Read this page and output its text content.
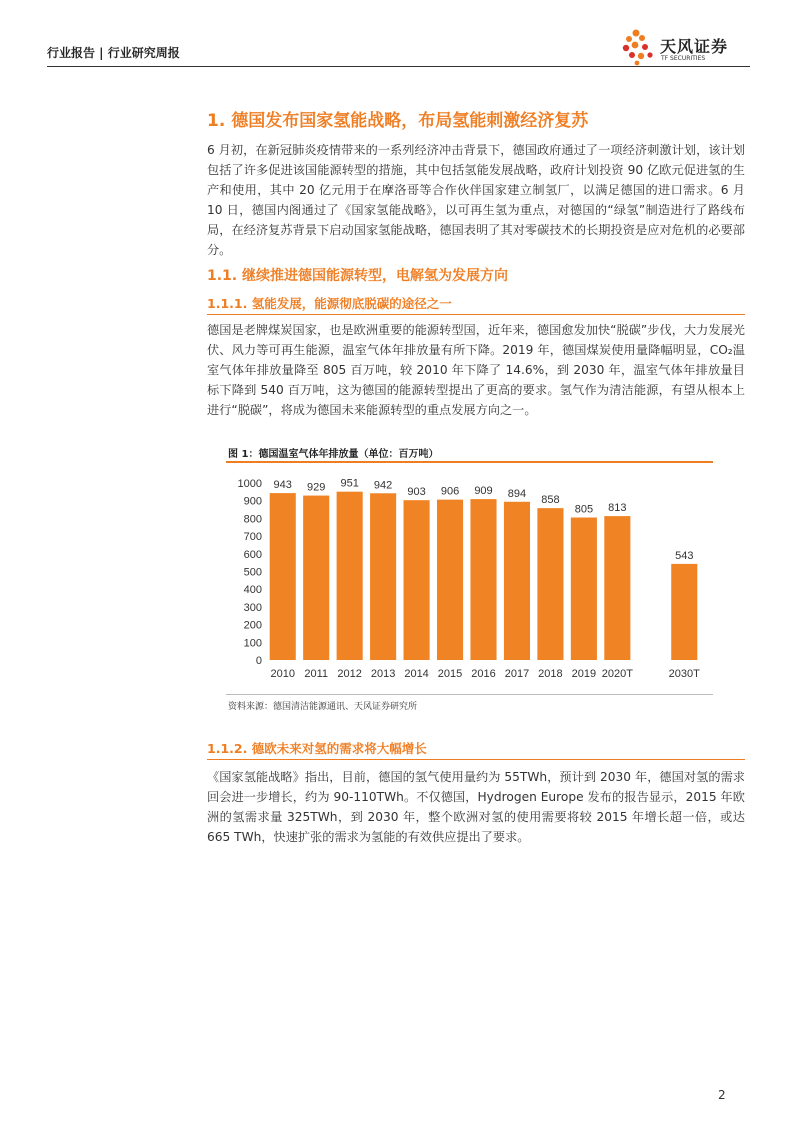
行业报告 | 行业研究周报	天风证券
TF SECURITIES
1. 德国发布国家氢能战略，布局氢能刺激经济复苏

6 月初，在新冠肺炎疫情带来的一系列经济冲击背景下，德国政府通过了一项经济刺激计划，该计划包括了许多促进该国能源转型的措施，其中包括氢能发展战略，政府计划投资 90 亿欧元促进氢的生产和使用，其中 20 亿元用于在摩洛哥等合作伙伴国家建立制氢厂，以满足德国的进口需求。6 月 10 日，德国内阁通过了《国家氢能战略》，以可再生氢为重点，对德国的“绿氢”制造进行了路线布局，在经济复苏背景下启动国家氢能战略，德国表明了其对零碳技术的长期投资是应对危机的必要部分。

1.1. 继续推进德国能源转型，电解氢为发展方向
1.1.1. 氢能发展，能源彻底脱碳的途径之一

德国是老牌煤炭国家，也是欧洲重要的能源转型国，近年来，德国愈发加快“脱碳”步伐，大力发展光伏、风力等可再生能源，温室气体年排放量有所下降。2019 年，德国煤炭使用量降幅明显，CO₂温室气体年排放量降至 805 百万吨，较 2010 年下降了 14.6%，到 2030 年，温室气体年排放量目标下降到 540 百万吨，这为德国的能源转型提出了更高的要求。氢气作为清洁能源，有望从根本上进行“脱碳”，将成为德国未来能源转型的重点发展方向之一。

图 1：德国温室气体年排放量（单位：百万吨）
0
100
200
300
400
500
600
700
800
900
1000 943
2010
929
2011
951
2012
942
2013
903
2014
906
2015
909
2016
894
2017
858
2018
805
2019
813
2020T
543
2030T
资料来源：德国清洁能源通讯、天风证券研究所
1.1.2. 德欧未来对氢的需求将大幅增长

《国家氢能战略》指出，目前，德国的氢气使用量约为 55TWh，预计到 2030 年，德国对氢的需求回会进一步增长，约为 90-110TWh。不仅德国，Hydrogen Europe 发布的报告显示，2015 年欧洲的氢需求量 325TWh，到 2030 年，整个欧洲对氢的使用需要将较 2015 年增长超一倍，或达 665 TWh，快速扩张的需求为氢能的有效供应提出了要求。

2
